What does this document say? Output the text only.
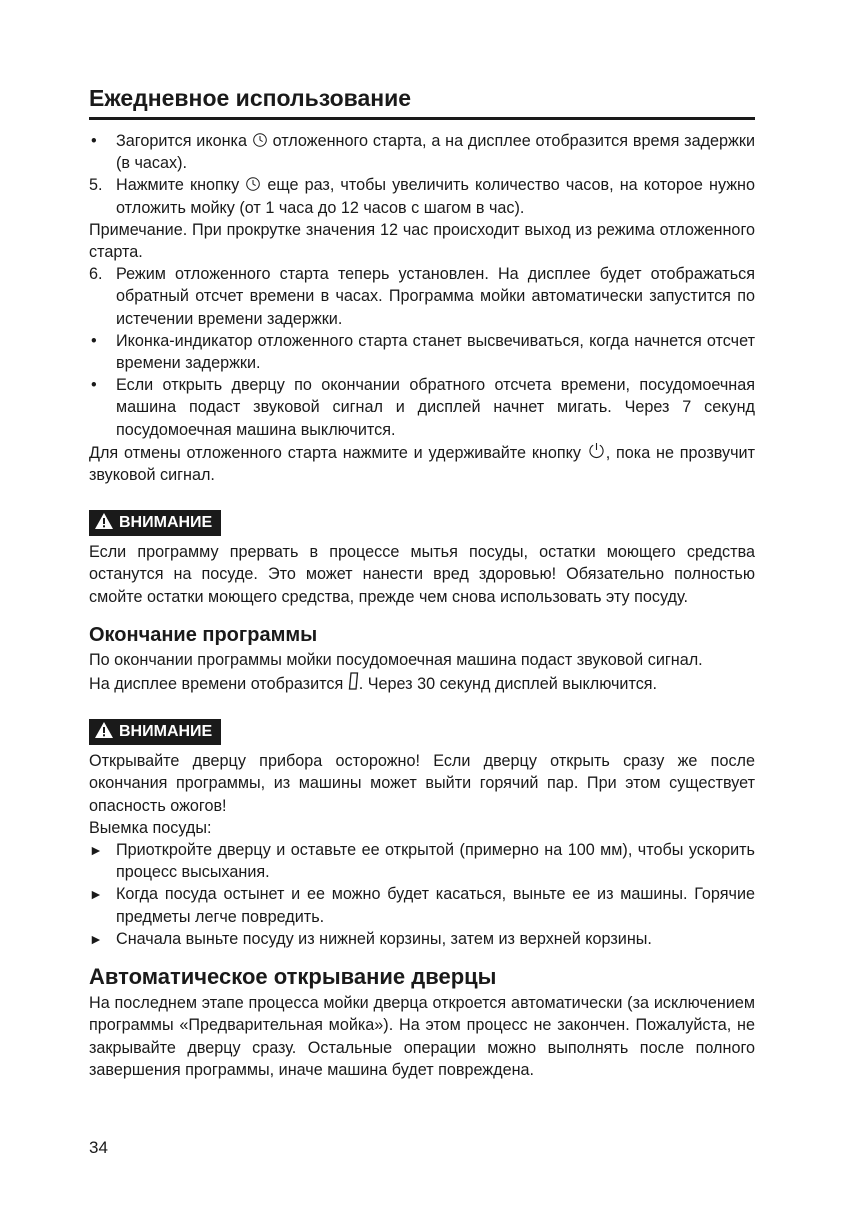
Ежедневное использование
• Загорится иконка отложенного старта, а на дисплее отобразится время задержки (в часах).
5. Нажмите кнопку еще раз, чтобы увеличить количество часов, на которое нужно отложить мойку (от 1 часа до 12 часов с шагом в час).

Примечание. При прокрутке значения 12 час происходит выход из режима отложенного старта.

6. Режим отложенного старта теперь установлен. На дисплее будет отображаться обратный отсчет времени в часах. Программа мойки автоматически запустится по истечении времени задержки.
• Иконка-индикатор отложенного старта станет высвечиваться, когда начнется отсчет времени задержки.
• Если открыть дверцу по окончании обратного отсчета времени, посудомоечная машина подаст звуковой сигнал и дисплей начнет мигать. Через 7 секунд посудомоечная машина выключится.

Для отмены отложенного старта нажмите и удерживайте кнопку , пока не прозвучит звуковой сигнал.

ВНИМАНИЕ

Если программу прервать в процессе мытья посуды, остатки моющего средства останутся на посуде. Это может нанести вред здоровью! Обязательно полностью смойте остатки моющего средства, прежде чем снова использовать эту посуду.

Окончание программы

По окончании программы мойки посудомоечная машина подаст звуковой сигнал.

На дисплее времени отобразится . Через 30 секунд дисплей выключится.

ВНИМАНИЕ

Открывайте дверцу прибора осторожно! Если дверцу открыть сразу же после окончания программы, из машины может выйти горячий пар. При этом существует опасность ожогов!

Выемка посуды:

► Приоткройте дверцу и оставьте ее открытой (примерно на 100 мм), чтобы ускорить процесс высыхания.
► Когда посуда остынет и ее можно будет касаться, выньте ее из машины. Горячие предметы легче повредить.
► Сначала выньте посуду из нижней корзины, затем из верхней корзины.
Автоматическое открывание дверцы

На последнем этапе процесса мойки дверца откроется автоматически (за исключением программы «Предварительная мойка»). На этом процесс не закончен. Пожалуйста, не закрывайте дверцу сразу. Остальные операции можно выполнять после полного завершения программы, иначе машина будет повреждена.

34
